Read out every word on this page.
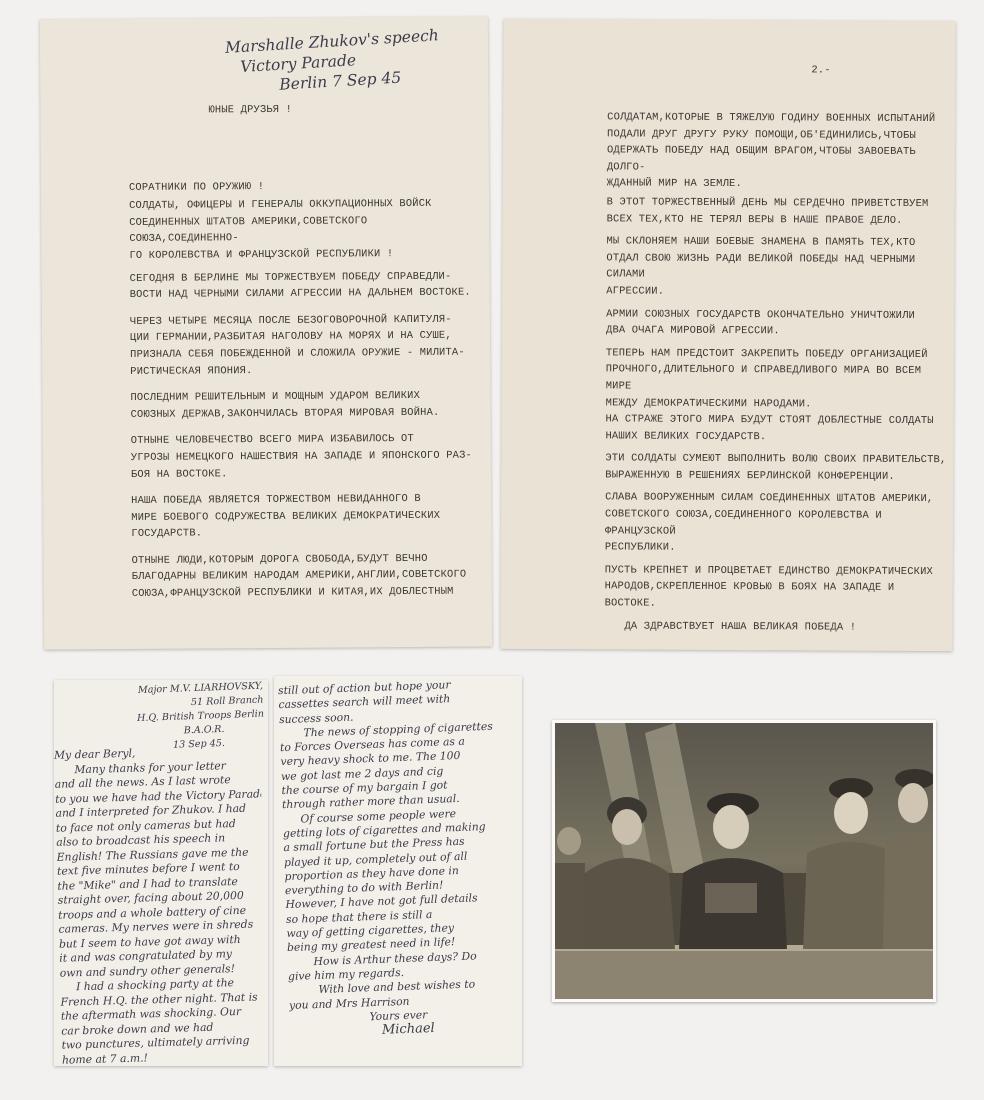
Marshalle Zhukov's speech
Victory Parade
Berlin 7 Sep 45

ЮНЫЕ ДРУЗЬЯ !

СОРАТНИКИ ПО ОРУЖИЮ !

СОЛДАТЫ, ОФИЦЕРЫ И ГЕНЕРАЛЫ ОККУПАЦИОННЫХ ВОЙСК
СОЕДИНЕННЫХ ШТАТОВ АМЕРИКИ,СОВЕТСКОГО СОЮЗА,СОЕДИНЕННО-
ГО КОРОЛЕВСТВА И ФРАНЦУЗСКОЙ РЕСПУБЛИКИ !

СЕГОДНЯ В БЕРЛИНЕ МЫ ТОРЖЕСТВУЕМ ПОБЕДУ СПРАВЕДЛИ-
ВОСТИ НАД ЧЕРНЫМИ СИЛАМИ АГРЕССИИ НА ДАЛЬНЕМ ВОСТОКЕ.

ЧЕРЕЗ ЧЕТЫРЕ МЕСЯЦА ПОСЛЕ БЕЗОГОВОРОЧНОЙ КАПИТУЛЯ-
ЦИИ ГЕРМАНИИ,РАЗБИТАЯ НАГОЛОВУ НА МОРЯХ И НА СУШЕ,
ПРИЗНАЛА СЕБЯ ПОБЕЖДЕННОЙ И СЛОЖИЛА ОРУЖИЕ - МИЛИТА-
РИСТИЧЕСКАЯ ЯПОНИЯ.

ПОСЛЕДНИМ РЕШИТЕЛЬНЫМ И МОЩНЫМ УДАРОМ ВЕЛИКИХ
СОЮЗНЫХ ДЕРЖАВ,ЗАКОНЧИЛАСЬ ВТОРАЯ МИРОВАЯ ВОЙНА.

ОТНЫНЕ ЧЕЛОВЕЧЕСТВО ВСЕГО МИРА ИЗБАВИЛОСЬ ОТ
УГРОЗЫ НЕМЕЦКОГО НАШЕСТВИЯ НА ЗАПАДЕ И ЯПОНСКОГО РАЗ-
БОЯ НА ВОСТОКЕ.

НАША ПОБЕДА ЯВЛЯЕТСЯ ТОРЖЕСТВОМ НЕВИДАННОГО В
МИРЕ БОЕВОГО СОДРУЖЕСТВА ВЕЛИКИХ ДЕМОКРАТИЧЕСКИХ
ГОСУДАРСТВ.

ОТНЫНЕ ЛЮДИ,КОТОРЫМ ДОРОГА СВОБОДА,БУДУТ ВЕЧНО
БЛАГОДАРНЫ ВЕЛИКИМ НАРОДАМ АМЕРИКИ,АНГЛИИ,СОВЕТСКОГО
СОЮЗА,ФРАНЦУЗСКОЙ РЕСПУБЛИКИ И КИТАЯ,ИХ ДОБЛЕСТНЫМ

2.-

СОЛДАТАМ,КОТОРЫЕ В ТЯЖЕЛУЮ ГОДИНУ ВОЕННЫХ ИСПЫТАНИЙ
ПОДАЛИ ДРУГ ДРУГУ РУКУ ПОМОЩИ,ОБ'ЕДИНИЛИСЬ,ЧТОБЫ
ОДЕРЖАТЬ ПОБЕДУ НАД ОБЩИМ ВРАГОМ,ЧТОБЫ ЗАВОЕВАТЬ ДОЛГО-
ЖДАННЫЙ МИР НА ЗЕМЛЕ.

В ЭТОТ ТОРЖЕСТВЕННЫЙ ДЕНЬ МЫ СЕРДЕЧНО ПРИВЕТСТВУЕМ
ВСЕХ ТЕХ,КТО НЕ ТЕРЯЛ ВЕРЫ В НАШЕ ПРАВОЕ ДЕЛО.

МЫ СКЛОНЯЕМ НАШИ БОЕВЫЕ ЗНАМЕНА В ПАМЯТЬ ТЕХ,КТО
ОТДАЛ СВОЮ ЖИЗНЬ РАДИ ВЕЛИКОЙ ПОБЕДЫ НАД ЧЕРНЫМИ СИЛАМИ
АГРЕССИИ.

АРМИИ СОЮЗНЫХ ГОСУДАРСТВ ОКОНЧАТЕЛЬНО УНИЧТОЖИЛИ
ДВА ОЧАГА МИРОВОЙ АГРЕССИИ.

ТЕПЕРЬ НАМ ПРЕДСТОИТ ЗАКРЕПИТЬ ПОБЕДУ ОРГАНИЗАЦИЕЙ
ПРОЧНОГО,ДЛИТЕЛЬНОГО И СПРАВЕДЛИВОГО МИРА ВО ВСЕМ МИРЕ
МЕЖДУ ДЕМОКРАТИЧЕСКИМИ НАРОДАМИ.
НА СТРАЖЕ ЭТОГО МИРА БУДУТ СТОЯТ ДОБЛЕСТНЫЕ СОЛДАТЫ
НАШИХ ВЕЛИКИХ ГОСУДАРСТВ.

ЭТИ СОЛДАТЫ СУМЕЮТ ВЫПОЛНИТЬ ВОЛЮ СВОИХ ПРАВИТЕЛЬСТВ,
ВЫРАЖЕННУЮ В РЕШЕНИЯХ БЕРЛИНСКОЙ КОНФЕРЕНЦИИ.

СЛАВА ВООРУЖЕННЫМ СИЛАМ СОЕДИНЕННЫХ ШТАТОВ АМЕРИКИ,
СОВЕТСКОГО СОЮЗА,СОЕДИНЕННОГО КОРОЛЕВСТВА И ФРАНЦУЗСКОЙ
РЕСПУБЛИКИ.

ПУСТЬ КРЕПНЕТ И ПРОЦВЕТАЕТ ЕДИНСТВО ДЕМОКРАТИЧЕСКИХ
НАРОДОВ,СКРЕПЛЕННОЕ КРОВЬЮ В БОЯХ НА ЗАПАДЕ И ВОСТОКЕ.

ДА ЗДРАВСТВУЕТ НАША ВЕЛИКАЯ ПОБЕДА !

Major M.V. LIARHOVSKY,
51 Roll Branch
H.Q. British Troops Berlin
B.A.O.R.
13 Sep 45.
My dear Beryl,
Many thanks for your letter
and all the news. As I last wrote
to you we have had the Victory Parade
and I interpreted for Zhukov. I had
to face not only cameras but had
also to broadcast his speech in
English! The Russians gave me the
text five minutes before I went to
the "Mike" and I had to translate
straight over, facing about 20,000
troops and a whole battery of cine
cameras. My nerves were in shreds
but I seem to have got away with
it and was congratulated by my
own and sundry other generals!
I had a shocking party at the
French H.Q. the other night. That is
the aftermath was shocking. Our
car broke down and we had
two punctures, ultimately arriving
home at 7 a.m.!
still out of action but hope your
cassettes search will meet with
success soon.
The news of stopping of cigarettes
to Forces Overseas has come as a
very heavy shock to me. The 100
we got last me 2 days and cig
the course of my bargain I got
through rather more than usual.
Of course some people were
getting lots of cigarettes and making
a small fortune but the Press has
played it up, completely out of all
proportion as they have done in
everything to do with Berlin!
However, I have not got full details
so hope that there is still a
way of getting cigarettes, they
being my greatest need in life!
How is Arthur these days? Do
give him my regards.
With love and best wishes to
you and Mrs Harrison
Yours ever
Michael
